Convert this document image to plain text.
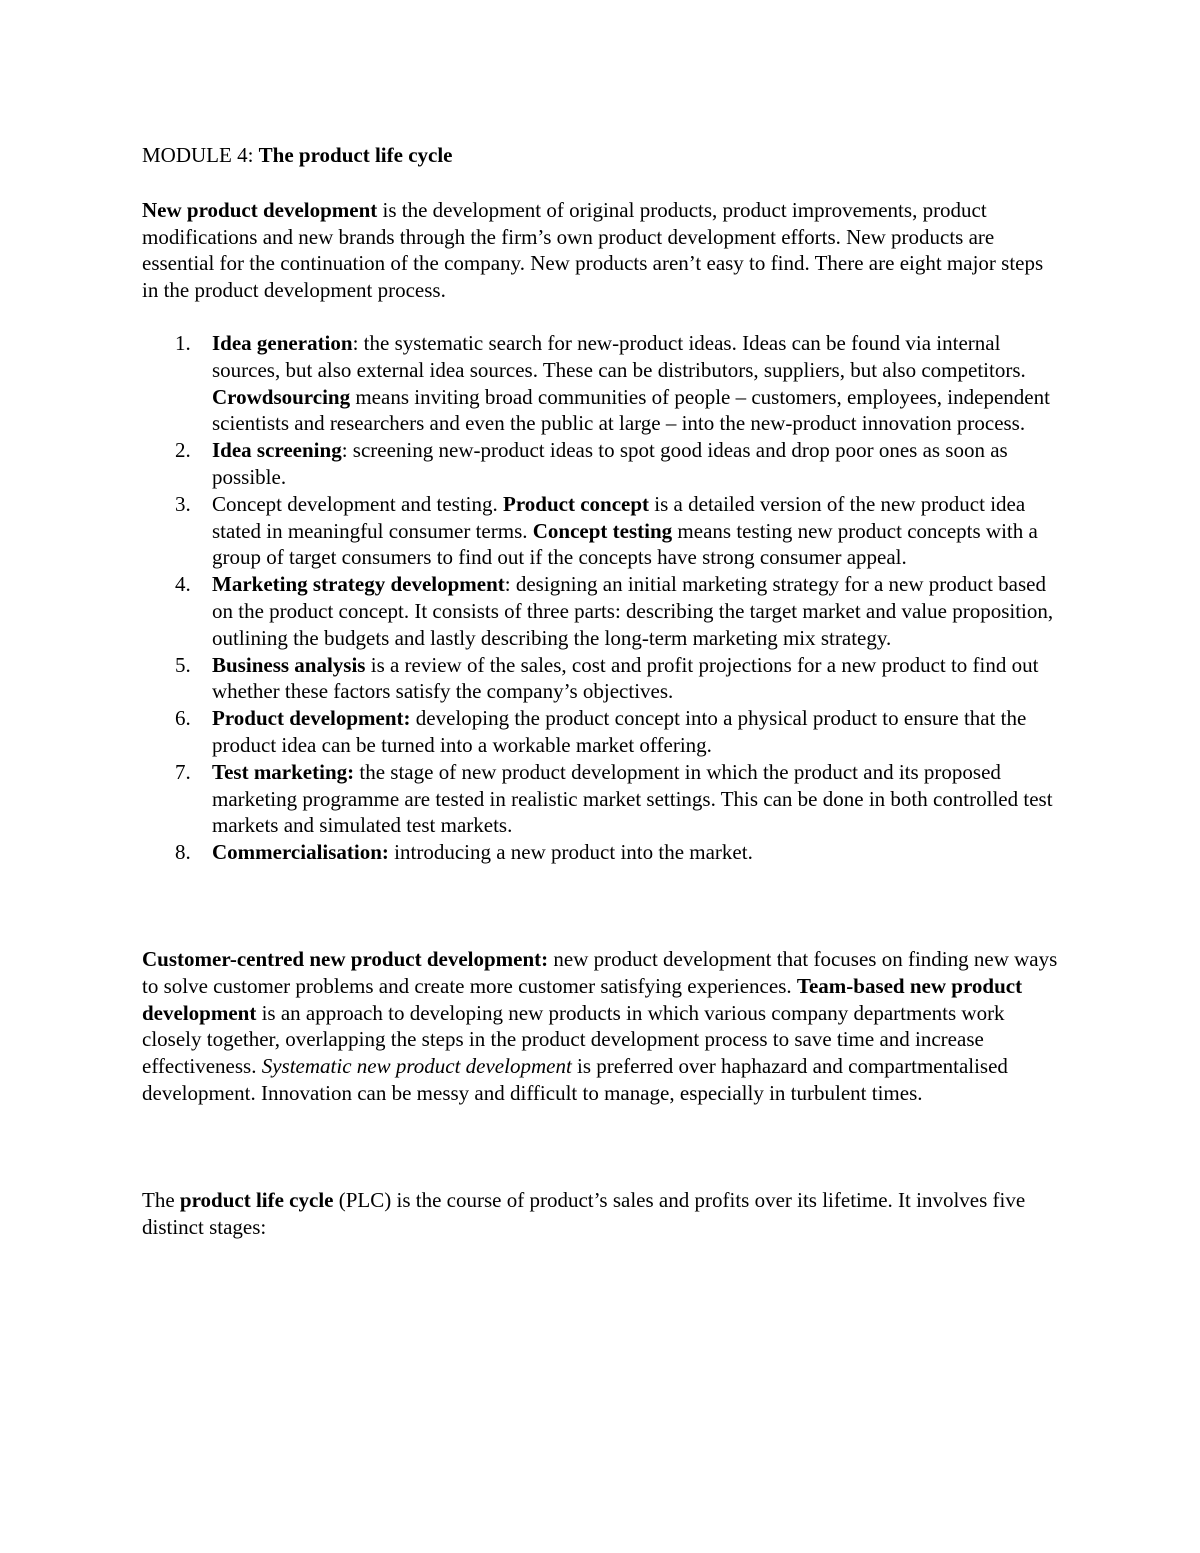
MODULE 4: The product life cycle

New product development is the development of original products, product improvements, product modifications and new brands through the firm’s own product development efforts. New products are essential for the continuation of the company. New products aren’t easy to find. There are eight major steps in the product development process.

1. Idea generation: the systematic search for new-product ideas. Ideas can be found via internal sources, but also external idea sources. These can be distributors, suppliers, but also competitors. Crowdsourcing means inviting broad communities of people – customers, employees, independent scientists and researchers and even the public at large – into the new-product innovation process.
2. Idea screening: screening new-product ideas to spot good ideas and drop poor ones as soon as possible.
3. Concept development and testing. Product concept is a detailed version of the new product idea stated in meaningful consumer terms. Concept testing means testing new product concepts with a group of target consumers to find out if the concepts have strong consumer appeal.
4. Marketing strategy development: designing an initial marketing strategy for a new product based on the product concept. It consists of three parts: describing the target market and value proposition, outlining the budgets and lastly describing the long-term marketing mix strategy.
5. Business analysis is a review of the sales, cost and profit projections for a new product to find out whether these factors satisfy the company’s objectives.
6. Product development: developing the product concept into a physical product to ensure that the product idea can be turned into a workable market offering.
7. Test marketing: the stage of new product development in which the product and its proposed marketing programme are tested in realistic market settings. This can be done in both controlled test markets and simulated test markets.
8. Commercialisation: introducing a new product into the market.

Customer-centred new product development: new product development that focuses on finding new ways to solve customer problems and create more customer satisfying experiences. Team-based new product development is an approach to developing new products in which various company departments work closely together, overlapping the steps in the product development process to save time and increase effectiveness. Systematic new product development is preferred over haphazard and compartmentalised development. Innovation can be messy and difficult to manage, especially in turbulent times.

The product life cycle (PLC) is the course of product’s sales and profits over its lifetime. It involves five distinct stages:
